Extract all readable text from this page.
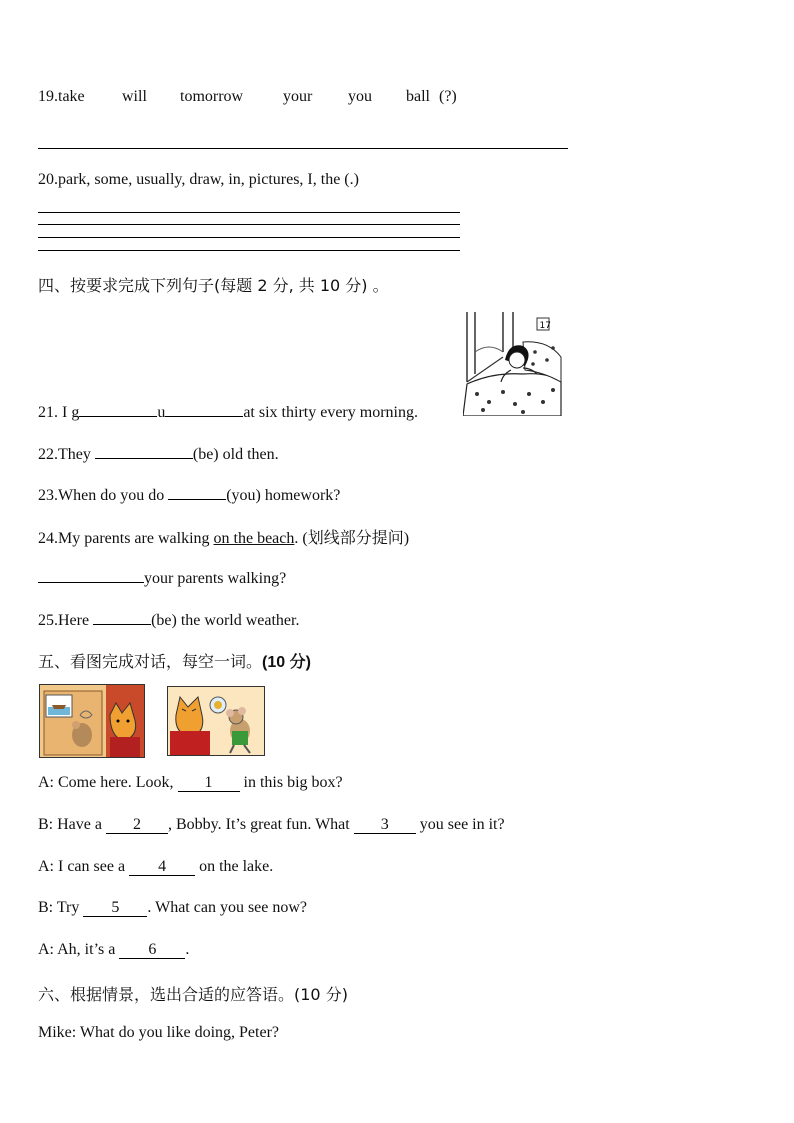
19.take will tomorrow your you ball (?)
20.park, some, usually, draw, in, pictures, I, the (.)
四、按要求完成下列句子(每题 2 分, 共 10 分) 。
17
21. I g	u	at six thirty every morning.
22.They	(be) old then.
23.When do you do	(you) homework?
24.My parents are walking on the beach. (划线部分提问)
your parents walking?
25.Here	(be) the world weather.
五、看图完成对话，每空一词。(10 分)
A: Come here. Look, 1 in this big box?
B: Have a 2 , Bobby. It’s great fun. What 3 you see in it?
A: I can see a 4 on the lake.
B: Try 5 . What can you see now?
A: Ah, it’s a 6 .
六、根据情景，选出合适的应答语。(10 分)
Mike: What do you like doing, Peter?
